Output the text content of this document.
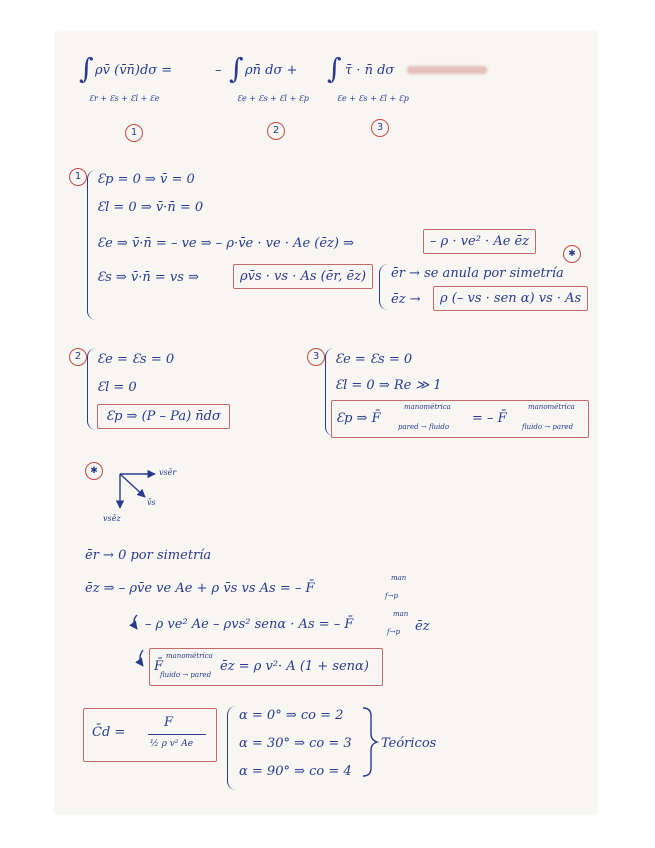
∫ ρv̄ (v̄n̄)dσ =	– ∫ ρn̄ dσ + ∫ τ̄ · n̄ dσ
Ɛr + Ɛs + Ɛl + Ɛe	Ɛe + Ɛs + Ɛl + Ɛp	Ɛe + Ɛs + Ɛl + Ɛp
1	2	3
1	Ɛp = 0 ⇒ v̄ = 0
Ɛl = 0 ⇒ v̄·n̄ = 0
Ɛe ⇒ v̄·n̄ = – ve ⇒ – ρ·v̄e · ve · Ae (ēz) ⇒	– ρ · ve² · Ae ēz
Ɛs ⇒ v̄·n̄ = vs ⇒	ρv̄s · vs · As (ēr, ēz)
✱
ēr → se anula por simetría
ēz →	ρ (– vs · sen α) vs · As
2	Ɛe = Ɛs = 0
Ɛl = 0
Ɛp ⇒ (P – Pa) n̄dσ
3	Ɛe = Ɛs = 0
Ɛl = 0 ⇒ Re ≫ 1
Ɛp ⇒ F̄
manométrica
pared → fluido
= – F̄
manométrica
fluido → pared
✱	vsēr
v̄s
vsēz
ēr → 0 por simetría
ēz ⇒ – ρv̄e ve Ae + ρ v̄s vs As = – F̄
man
f→p
– ρ ve² Ae – ρvs² senα · As = – F̄
man
f→p ēz
F̄
manométrica
fluido → pared
ēz = ρ v²· A (1 + senα)
C̄d =
F
½ ρ v² Ae
α = 0° ⇒ co = 2
α = 30° ⇒ co = 3
α = 90° ⇒ co = 4
Teóricos
